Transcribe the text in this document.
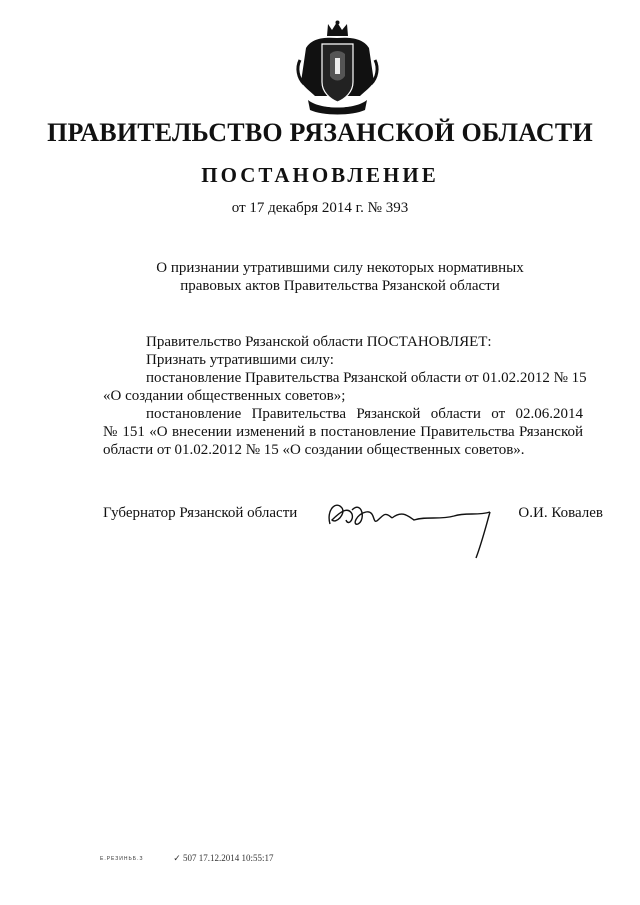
ПРАВИТЕЛЬСТВО РЯЗАНСКОЙ ОБЛАСТИ
ПОСТАНОВЛЕНИЕ
от 17 декабря 2014 г. № 393
О признании утратившими силу некоторых нормативных
правовых актов Правительства Рязанской области
Правительство Рязанской области ПОСТАНОВЛЯЕТ:
Признать утратившими силу:
постановление Правительства Рязанской области от 01.02.2012 № 15
«О создании общественных советов»;
постановление Правительства Рязанской области от 02.06.2014
№ 151 «О внесении изменений в постановление Правительства Рязанской
области от 01.02.2012 № 15 «О создании общественных советов».
Губернатор Рязанской области	О.И. Ковалев
Е.РЕЗИНЬБ.З	✓ 507 17.12.2014 10:55:17
